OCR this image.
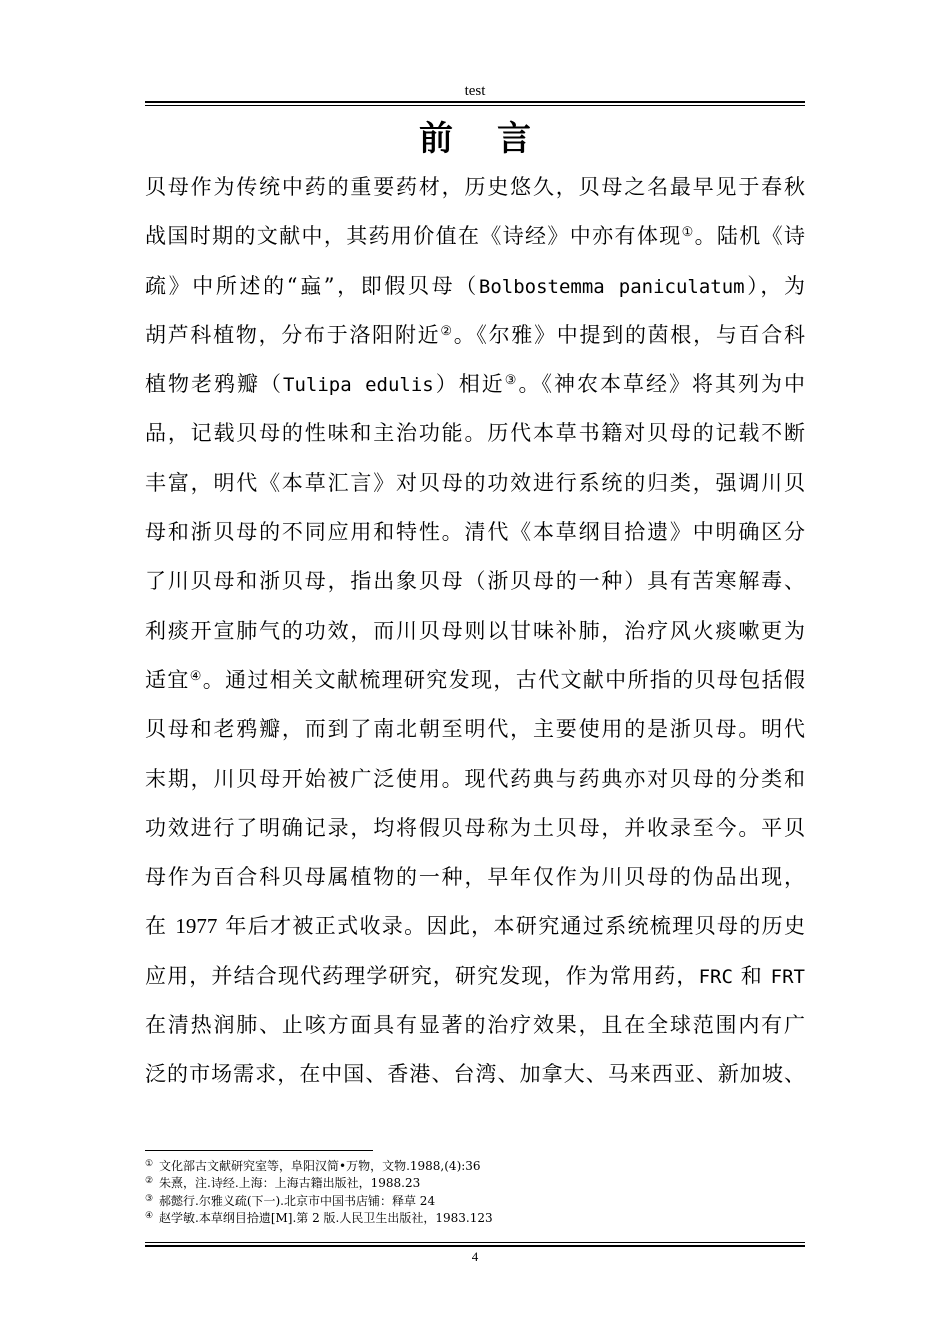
test
前言
贝母作为传统中药的重要药材，历史悠久，贝母之名最早见于春秋
战国时期的文献中，其药用价值在《诗经》中亦有体现①。陆机《诗
疏》中所述的“蝱”，即假贝母（Bolbostemma paniculatum），为
胡芦科植物，分布于洛阳附近②。《尔雅》中提到的茵根，与百合科
植物老鸦瓣（Tulipa edulis）相近③。《神农本草经》将其列为中
品，记载贝母的性味和主治功能。历代本草书籍对贝母的记载不断
丰富，明代《本草汇言》对贝母的功效进行系统的归类，强调川贝
母和浙贝母的不同应用和特性。清代《本草纲目拾遗》中明确区分
了川贝母和浙贝母，指出象贝母（浙贝母的一种）具有苦寒解毒、
利痰开宣肺气的功效，而川贝母则以甘味补肺，治疗风火痰嗽更为
适宜④。通过相关文献梳理研究发现，古代文献中所指的贝母包括假
贝母和老鸦瓣，而到了南北朝至明代，主要使用的是浙贝母。明代
末期，川贝母开始被广泛使用。现代药典与药典亦对贝母的分类和
功效进行了明确记录，均将假贝母称为土贝母，并收录至今。平贝
母作为百合科贝母属植物的一种，早年仅作为川贝母的伪品出现，
在 1977 年后才被正式收录。因此，本研究通过系统梳理贝母的历史
应用，并结合现代药理学研究，研究发现，作为常用药，FRC 和 FRT
在清热润肺、止咳方面具有显著的治疗效果，且在全球范围内有广
泛的市场需求，在中国、香港、台湾、加拿大、马来西亚、新加坡、
① 文化部古文献研究室等，阜阳汉简•万物，文物.1988,(4):36
② 朱熹，注.诗经.上海：上海古籍出版社，1988.23
③ 郝懿行.尔雅义疏(下一).北京市中国书店铺：释草 24
④ 赵学敏.本草纲目拾遗[M].第 2 版.人民卫生出版社，1983.123
4
